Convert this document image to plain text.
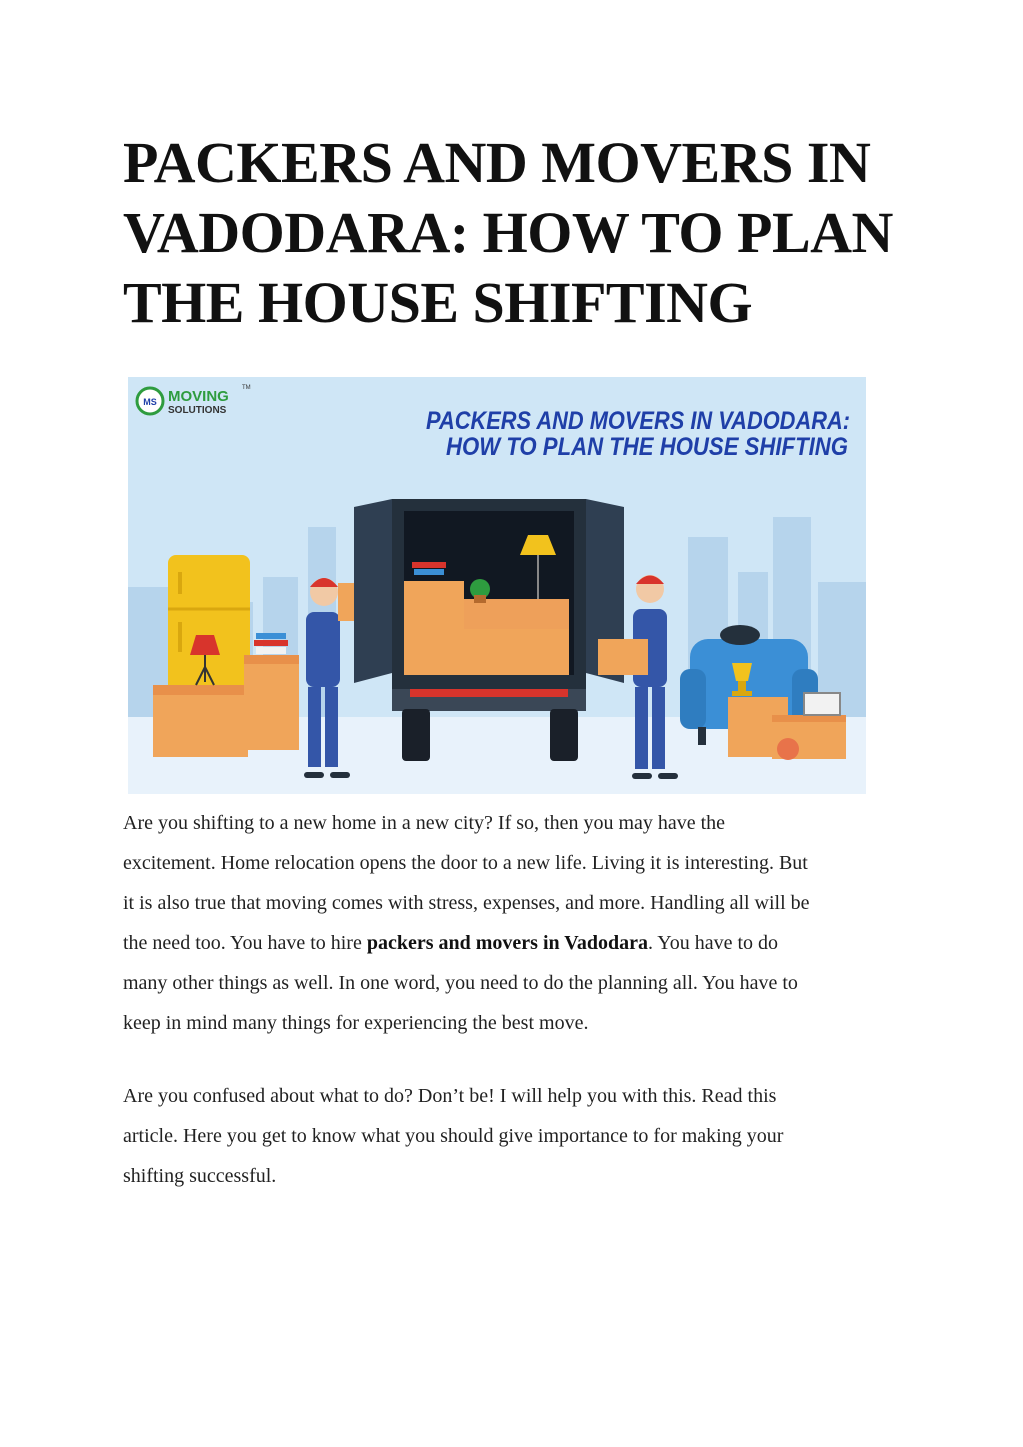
PACKERS AND MOVERS IN
VADODARA: HOW TO PLAN
THE HOUSE SHIFTING
MS MOVING
SOLUTIONS
TM
PACKERS AND MOVERS IN VADODARA:
HOW TO PLAN THE HOUSE SHIFTING

Are you shifting to a new home in a new city? If so, then you may have the
excitement. Home relocation opens the door to a new life. Living it is interesting. But
it is also true that moving comes with stress, expenses, and more. Handling all will be
the need too. You have to hire packers and movers in Vadodara. You have to do
many other things as well. In one word, you need to do the planning all. You have to
keep in mind many things for experiencing the best move.

Are you confused about what to do? Don’t be! I will help you with this. Read this
article. Here you get to know what you should give importance to for making your
shifting successful.
